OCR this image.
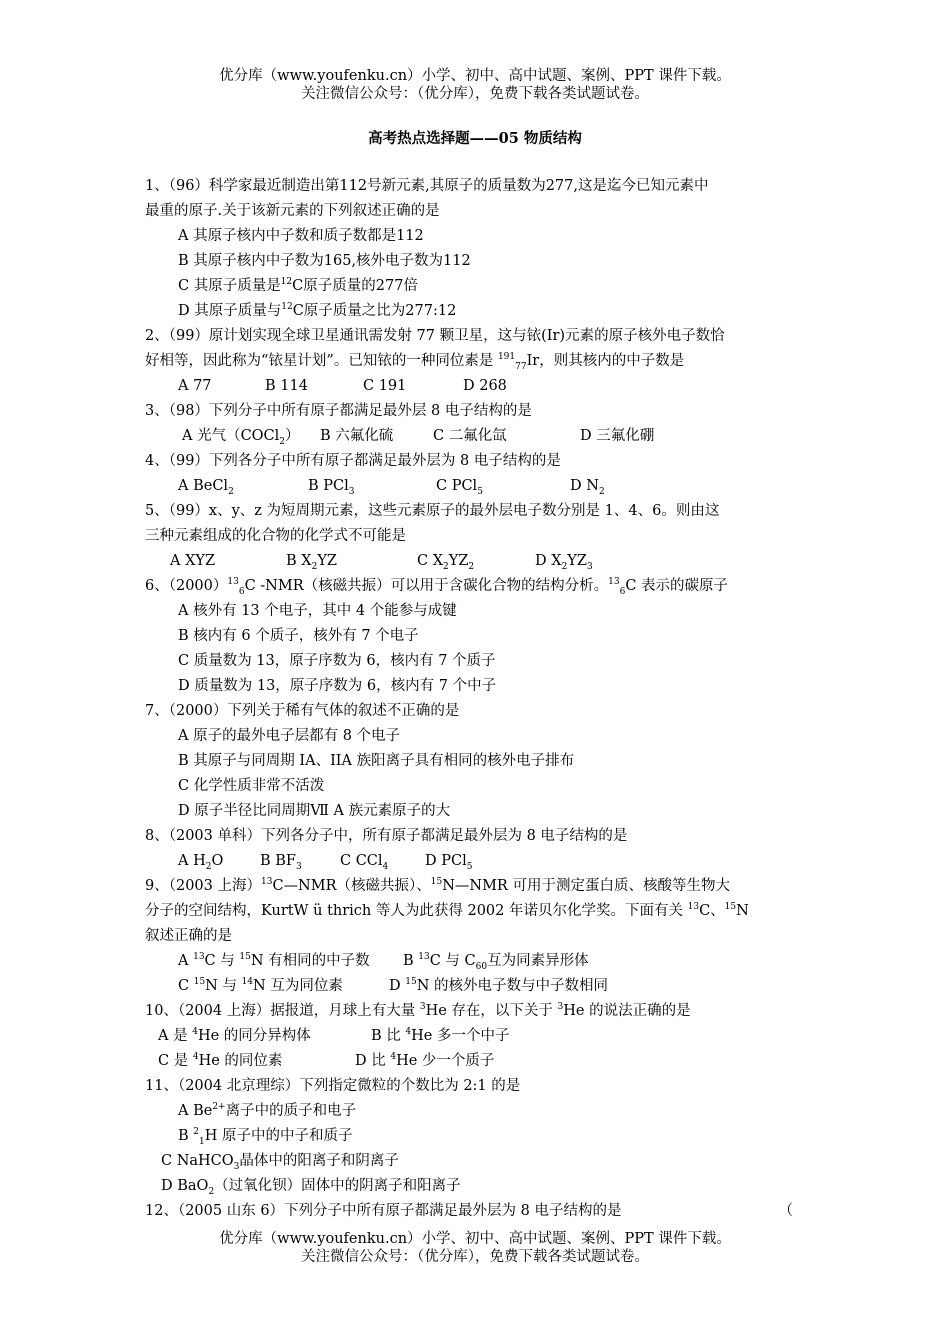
优分库（www.youfenku.cn）小学、初中、高中试题、案例、PPT 课件下载。
关注微信公众号：（优分库），免费下载各类试题试卷。
高考热点选择题——05 物质结构
1、（96）科学家最近制造出第112号新元素,其原子的质量数为277,这是迄今已知元素中
最重的原子.关于该新元素的下列叙述正确的是
A 其原子核内中子数和质子数都是112
B 其原子核内中子数为165,核外电子数为112
C 其原子质量是$^{12}$C原子质量的277倍
D 其原子质量与$^{12}$C原子质量之比为277:12
2、（99）原计划实现全球卫星通讯需发射 77 颗卫星，这与铱(Ir)元素的原子核外电子数恰
好相等，因此称为“铱星计划”。已知铱的一种同位素是 $^{191}_{77}$Ir，则其核内的中子数是
A 77	B 114	C 191	D 268
3、（98）下列分子中所有原子都满足最外层 8 电子结构的是
A 光气（COCl$_2$） B 六氟化硫	C 二氟化氙	D 三氟化硼
4、（99）下列各分子中所有原子都满足最外层为 8 电子结构的是
A BeCl$_2$	B PCl$_3$	C PCl$_5$	D $N_2$
5、（99）x、y、z 为短周期元素，这些元素原子的最外层电子数分别是 1、4、6。则由这
三种元素组成的化合物的化学式不可能是
A XYZ	B $X_2YZ$	C $X_2YZ_2$	D $X_2YZ_3$
6、$(2000)^{13}_6C$ -NMR（核磁共振）可以用于含碳化合物的结构分析。$^{13}_6$C 表示的碳原子
A 核外有 13 个电子，其中 4 个能参与成键
B 核内有 6 个质子，核外有 7 个电子
C 质量数为 13，原子序数为 6，核内有 7 个质子
D 质量数为 13，原子序数为 6，核内有 7 个中子
7、（2000）下列关于稀有气体的叙述不正确的是
A 原子的最外电子层都有 8 个电子
B 其原子与同周期 IA、IIA 族阳离子具有相同的核外电子排布
C 化学性质非常不活泼
D 原子半径比同周期Ⅶ A 族元素原子的大
8、（2003 单科）下列各分子中，所有原子都满足最外层为 8 电子结构的是
A $H_2O$	B $BF_3$	C CCl$_4$	D PCl$_5$
9、（2003 上海）$^{13}$C—NMR（核磁共振）、$^{15}$N—NMR 可用于测定蛋白质、核酸等生物大
分子的空间结构，KurtW ü thrich 等人为此获得 2002 年诺贝尔化学奖。下面有关 $^{13}$C、$^{15}$N
叙述正确的是
A $^{13}$C 与 $^{15}$N 有相同的中子数 B $^{13}$C 与 $C_{60}$互为同素异形体
C $^{15}$N 与 $^{14}$N 互为同位素	D $^{15}$N 的核外电子数与中子数相同
10、（2004 上海）据报道，月球上有大量 $^3$He 存在，以下关于 $^3$He 的说法正确的是
A 是 $^4$He 的同分异构体	B 比 $^4$He 多一个中子
C 是 $^4$He 的同位素	D 比 $^4$He 少一个质子
11、（2004 北京理综）下列指定微粒的个数比为 2:1 的是
A $Be^{2+}$离子中的质子和电子
B $^2_1$H 原子中的中子和质子
C NaHCO$_3$晶体中的阳离子和阴离子
D BaO$_2$（过氧化钡）固体中的阴离子和阳离子
12、（2005 山东 6）下列分子中所有原子都满足最外层为 8 电子结构的是	（
优分库（www.youfenku.cn）小学、初中、高中试题、案例、PPT 课件下载。
关注微信公众号：（优分库），免费下载各类试题试卷。
